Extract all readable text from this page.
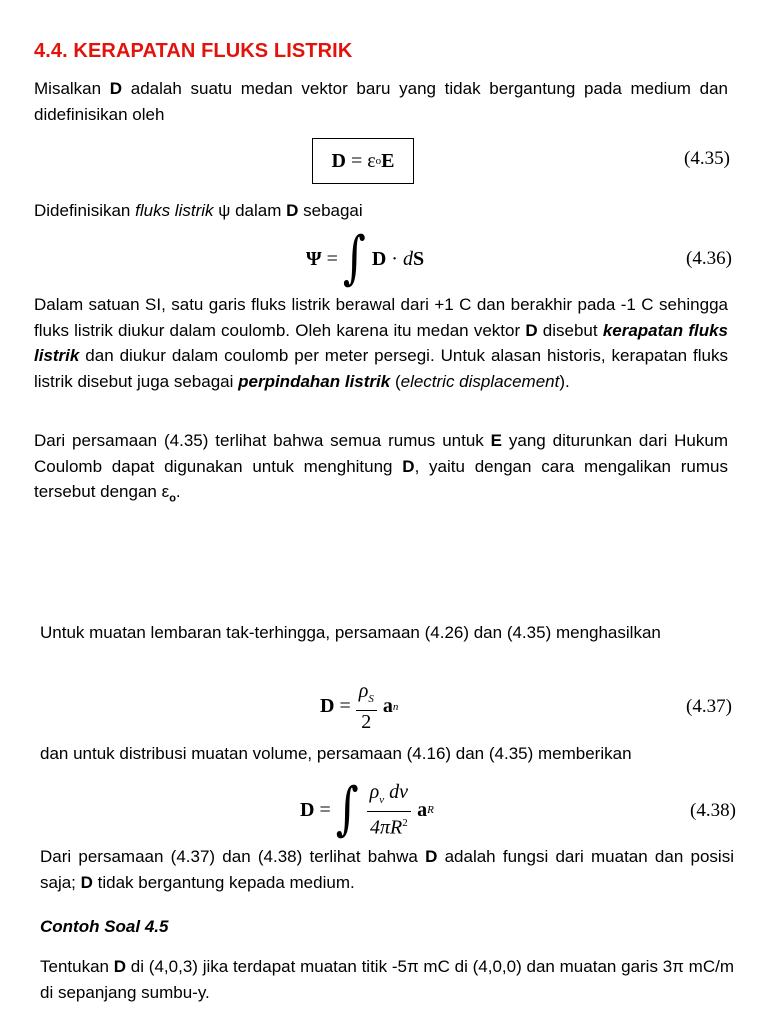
4.4. KERAPATAN FLUKS LISTRIK
Misalkan D adalah suatu medan vektor baru yang tidak bergantung pada medium dan didefinisikan oleh
D = ε o E	(4.35)
Didefinisikan fluks listrik ψ dalam D sebagai
Ψ = ∫ D · d S	(4.36)
Dalam satuan SI, satu garis fluks listrik berawal dari +1 C dan berakhir pada -1 C sehingga fluks listrik diukur dalam coulomb. Oleh karena itu medan vektor D disebut kerapatan fluks listrik dan diukur dalam coulomb per meter persegi. Untuk alasan historis, kerapatan fluks listrik disebut juga sebagai perpindahan listrik (electric displacement).
Dari persamaan (4.35) terlihat bahwa semua rumus untuk E yang diturunkan dari Hukum Coulomb dapat digunakan untuk menghitung D, yaitu dengan cara mengalikan rumus tersebut dengan $\varepsilon_o$.
Untuk muatan lembaran tak-terhingga, persamaan (4.26) dan (4.35) menghasilkan
$D = \frac{\rho_S}{2}$ a n	(4.37)
dan untuk distribusi muatan volume, persamaan (4.16) dan (4.35) memberikan
D = ∫ $\frac{\rho_v dv}{4\pi R^2}$ a R	(4.38)
Dari persamaan (4.37) dan (4.38) terlihat bahwa D adalah fungsi dari muatan dan posisi saja; D tidak bergantung kepada medium.
Contoh Soal 4.5
Tentukan D di (4,0,3) jika terdapat muatan titik -5π mC di (4,0,0) dan muatan garis 3π mC/m di sepanjang sumbu-y.
